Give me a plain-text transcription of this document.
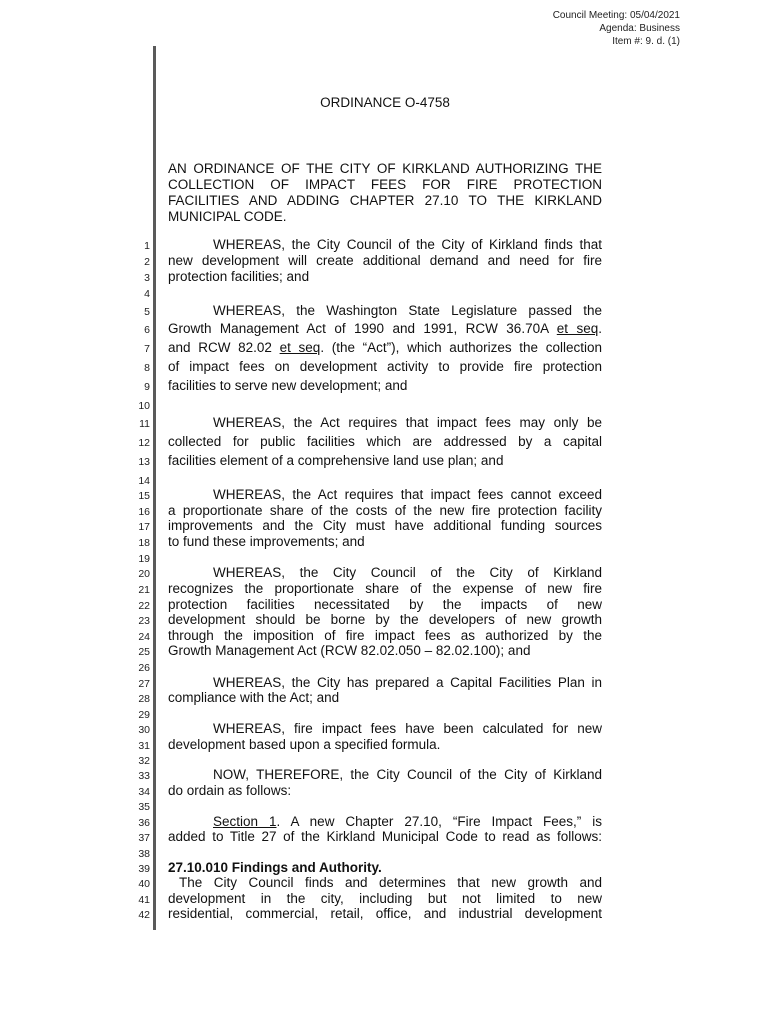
Council Meeting: 05/04/2021
Agenda: Business
Item #: 9. d. (1)
ORDINANCE O-4758
AN ORDINANCE OF THE CITY OF KIRKLAND AUTHORIZING THE COLLECTION OF IMPACT FEES FOR FIRE PROTECTION FACILITIES AND ADDING CHAPTER 27.10 TO THE KIRKLAND MUNICIPAL CODE.
1	WHEREAS, the City Council of the City of Kirkland finds that
2 new development will create additional demand and need for fire
3 protection facilities; and
4
5	WHEREAS, the Washington State Legislature passed the
6 Growth Management Act of 1990 and 1991, RCW 36.70A et seq.
7 and RCW 82.02 et seq. (the “Act”), which authorizes the collection
8 of impact fees on development activity to provide fire protection
9 facilities to serve new development; and
10
11	WHEREAS, the Act requires that impact fees may only be
12 collected for public facilities which are addressed by a capital
13 facilities element of a comprehensive land use plan; and
14
15	WHEREAS, the Act requires that impact fees cannot exceed
16 a proportionate share of the costs of the new fire protection facility
17 improvements and the City must have additional funding sources
18 to fund these improvements; and
19
20	WHEREAS, the City Council of the City of Kirkland
21 recognizes the proportionate share of the expense of new fire
22 protection facilities necessitated by the impacts of new
23 development should be borne by the developers of new growth
24 through the imposition of fire impact fees as authorized by the
25 Growth Management Act (RCW 82.02.050 – 82.02.100); and
26
27	WHEREAS, the City has prepared a Capital Facilities Plan in
28 compliance with the Act; and
29
30	WHEREAS, fire impact fees have been calculated for new
31 development based upon a specified formula.
32
33	NOW, THEREFORE, the City Council of the City of Kirkland
34 do ordain as follows:
35
36	Section 1. A new Chapter 27.10, “Fire Impact Fees,” is
37 added to Title 27 of the Kirkland Municipal Code to read as follows:
38
39 27.10.010 Findings and Authority.
40	The City Council finds and determines that new growth and
41 development in the city, including but not limited to new
42 residential, commercial, retail, office, and industrial development
